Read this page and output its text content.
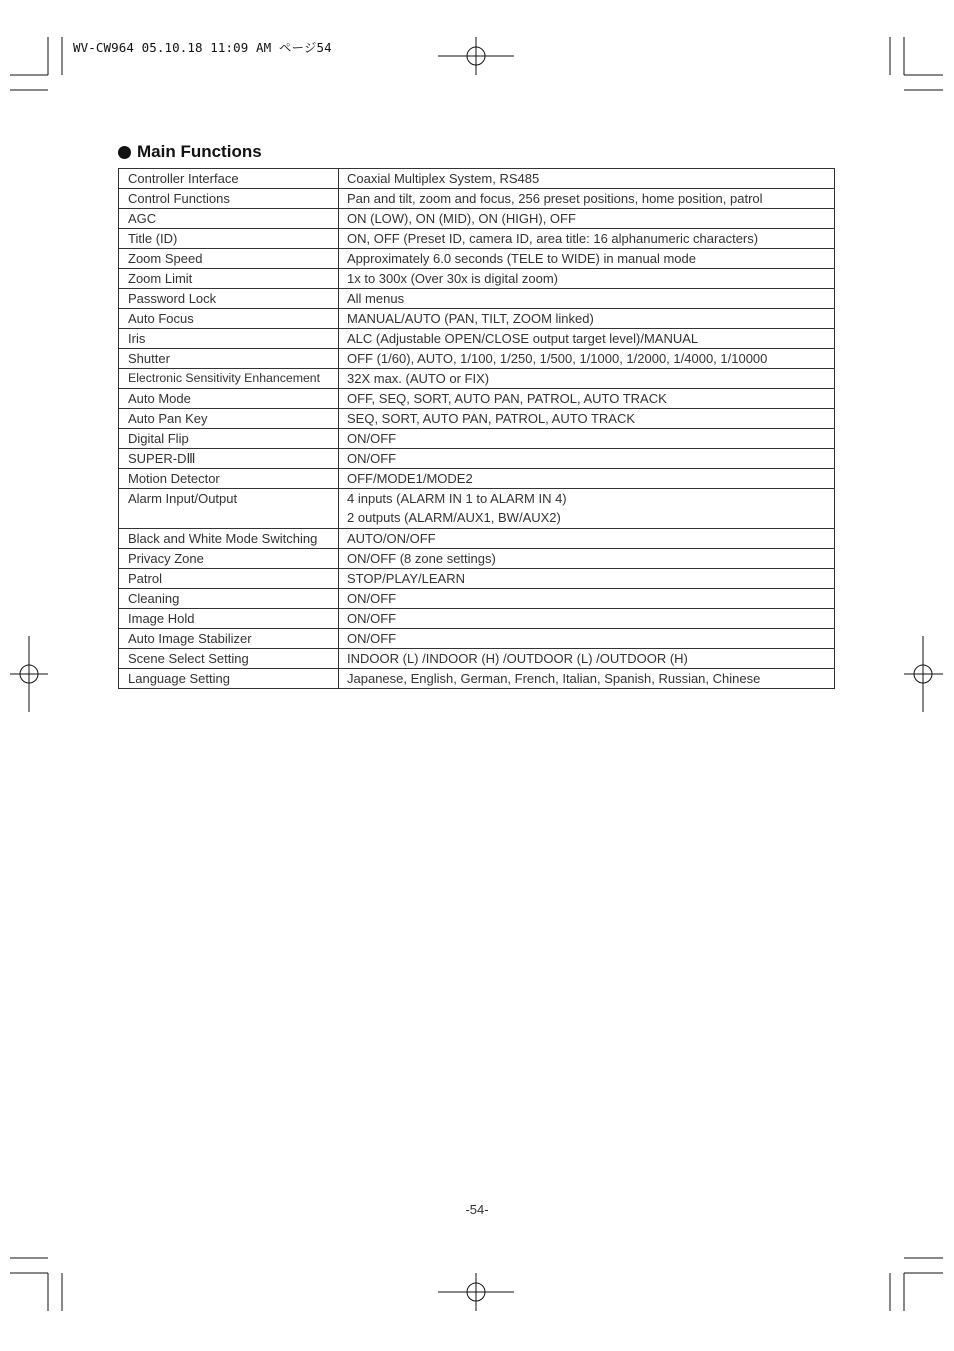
WV-CW964 05.10.18 11:09 AM ページ54
Main Functions
Controller Interface	Coaxial Multiplex System, RS485
Control Functions	Pan and tilt, zoom and focus, 256 preset positions, home position, patrol
AGC	ON (LOW), ON (MID), ON (HIGH), OFF
Title (ID)	ON, OFF (Preset ID, camera ID, area title: 16 alphanumeric characters)
Zoom Speed	Approximately 6.0 seconds (TELE to WIDE) in manual mode
Zoom Limit	1x to 300x (Over 30x is digital zoom)
Password Lock	All menus
Auto Focus	MANUAL/AUTO (PAN, TILT, ZOOM linked)
Iris	ALC (Adjustable OPEN/CLOSE output target level)/MANUAL
Shutter	OFF (1/60), AUTO, 1/100, 1/250, 1/500, 1/1000, 1/2000, 1/4000, 1/10000
Electronic Sensitivity Enhancement	32X max. (AUTO or FIX)
Auto Mode	OFF, SEQ, SORT, AUTO PAN, PATROL, AUTO TRACK
Auto Pan Key	SEQ, SORT, AUTO PAN, PATROL, AUTO TRACK
Digital Flip	ON/OFF
SUPER-DⅢ	ON/OFF
Motion Detector	OFF/MODE1/MODE2
Alarm Input/Output	4 inputs (ALARM IN 1 to ALARM IN 4)
2 outputs (ALARM/AUX1, BW/AUX2)

Black and White Mode Switching	AUTO/ON/OFF
Privacy Zone	ON/OFF (8 zone settings)
Patrol	STOP/PLAY/LEARN
Cleaning	ON/OFF
Image Hold	ON/OFF
Auto Image Stabilizer	ON/OFF
Scene Select Setting	INDOOR (L) /INDOOR (H) /OUTDOOR (L) /OUTDOOR (H)
Language Setting	Japanese, English, German, French, Italian, Spanish, Russian, Chinese
-54-
